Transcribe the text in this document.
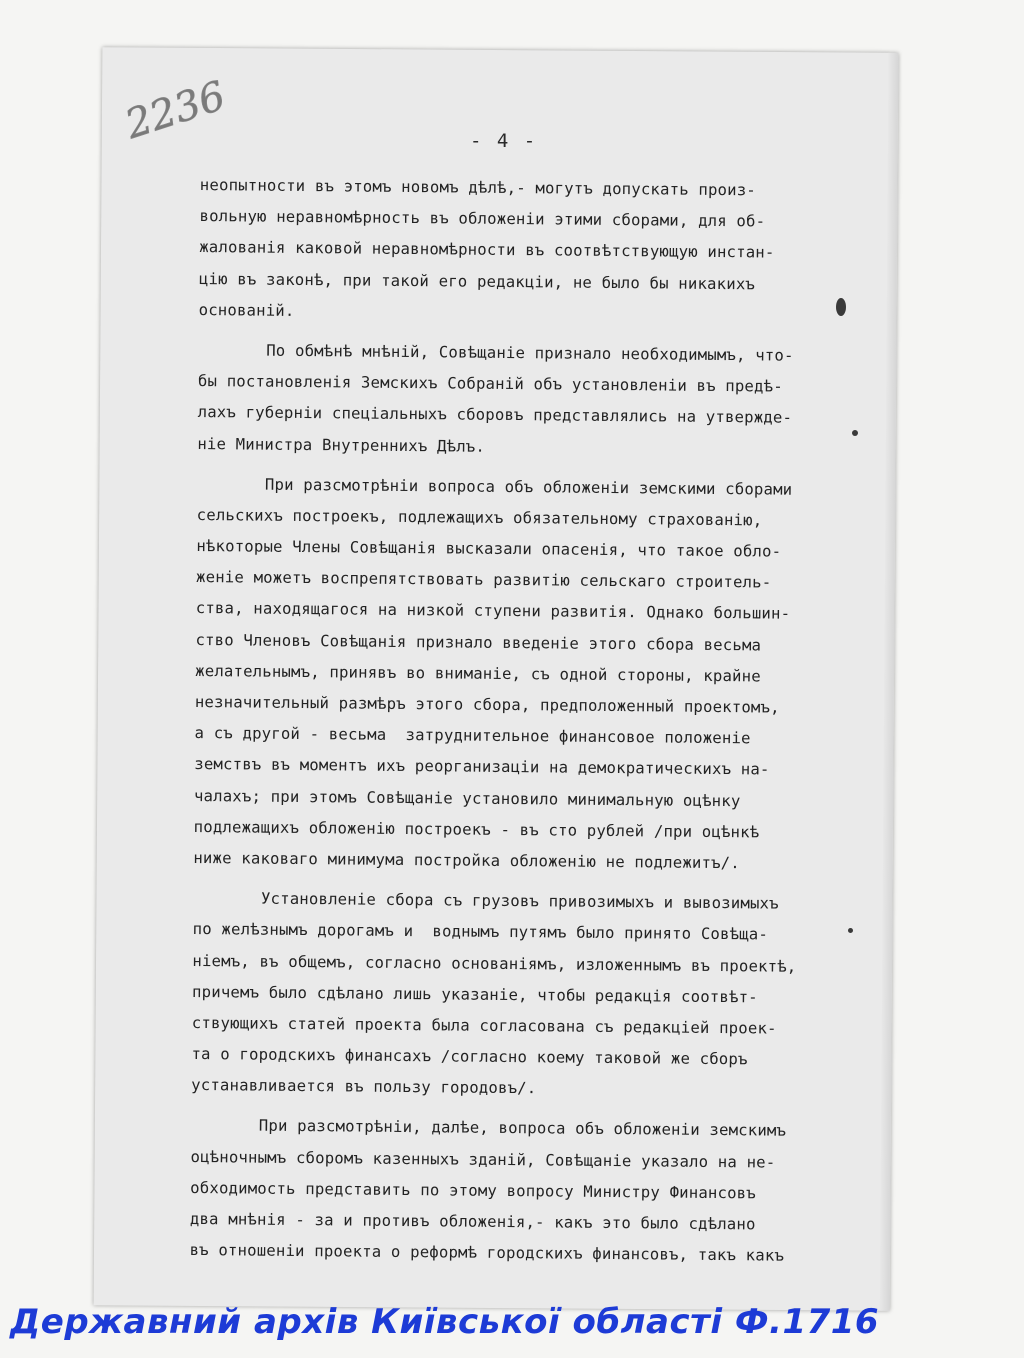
2236	- 4 -
неопытности въ этомъ новомъ дѣлѣ,- могутъ допускать произ-
вольную неравномѣрность въ обложенiи этими сборами, для об-
жалованiя каковой неравномѣрности въ соотвѣтствующую инстан-
цiю въ законѣ, при такой его редакцiи, не было бы никакихъ
основанiй.
По обмѣнѣ мнѣнiй, Совѣщанiе признало необходимымъ, что-
бы постановленiя Земскихъ Собранiй объ установленiи въ предѣ-
лахъ губернiи спецiальныхъ сборовъ представлялись на утвержде-
нiе Министра Внутреннихъ Дѣлъ.
При разсмотрѣнiи вопроса объ обложенiи земскими сборами
сельскихъ построекъ, подлежащихъ обязательному страхованiю,
нѣкоторые Члены Совѣщанiя высказали опасенiя, что такое обло-
женiе можетъ воспрепятствовать развитiю сельскаго строитель-
ства, находящагося на низкой ступени развитiя. Однако большин-
ство Членовъ Совѣщанiя признало введенiе этого сбора весьма
желательнымъ, принявъ во вниманiе, съ одной стороны, крайне
незначительный размѣръ этого сбора, предположенный проектомъ,
а съ другой - весьма  затруднительное финансовое положенiе
земствъ въ моментъ ихъ реорганизацiи на демократическихъ на-
чалахъ; при этомъ Совѣщанiе установило минимальную оцѣнку
подлежащихъ обложенiю построекъ - въ сто рублей /при оцѣнкѣ
ниже каковаго минимума постройка обложенiю не подлежитъ/.
Установленiе сбора съ грузовъ привозимыхъ и вывозимыхъ
по желѣзнымъ дорогамъ и  воднымъ путямъ было принято Совѣща-
нiемъ, въ общемъ, согласно основанiямъ, изложеннымъ въ проектѣ,
причемъ было сдѣлано лишь указанiе, чтобы редакцiя соотвѣт-
ствующихъ статей проекта была согласована съ редакцiей проек-
та о городскихъ финансахъ /согласно коему таковой же сборъ
устанавливается въ пользу городовъ/.
При разсмотрѣнiи, далѣе, вопроса объ обложенiи земскимъ
оцѣночнымъ сборомъ казенныхъ зданiй, Совѣщанiе указало на не-
обходимость представить по этому вопросу Министру Финансовъ
два мнѣнiя - за и противъ обложенiя,- какъ это было сдѣлано
въ отношенiи проекта о реформѣ городскихъ финансовъ, такъ какъ
Державний архів Київської області Ф.1716
